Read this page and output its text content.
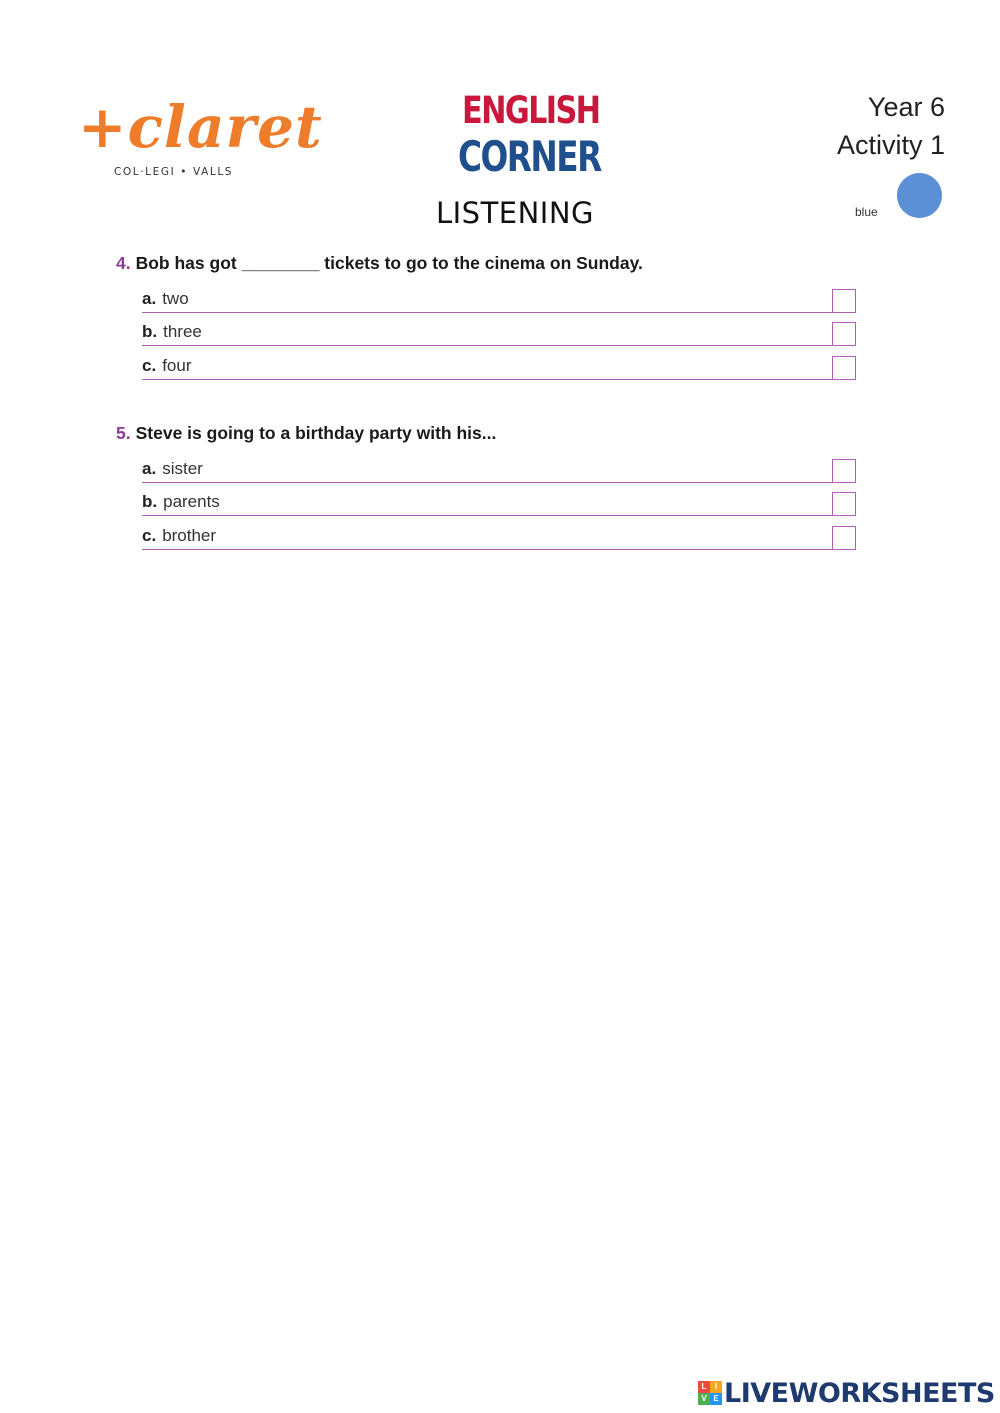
+claret
COL·LEGI • VALLS
ENGLISH
CORNER
LISTENING
Year 6
Activity 1
blue
4. Bob has got ________ tickets to go to the cinema on Sunday.
a. two
b. three
c. four
5. Steve is going to a birthday party with his...
a. sister
b. parents
c. brother
L	I
V E LIVEWORKSHEETS
